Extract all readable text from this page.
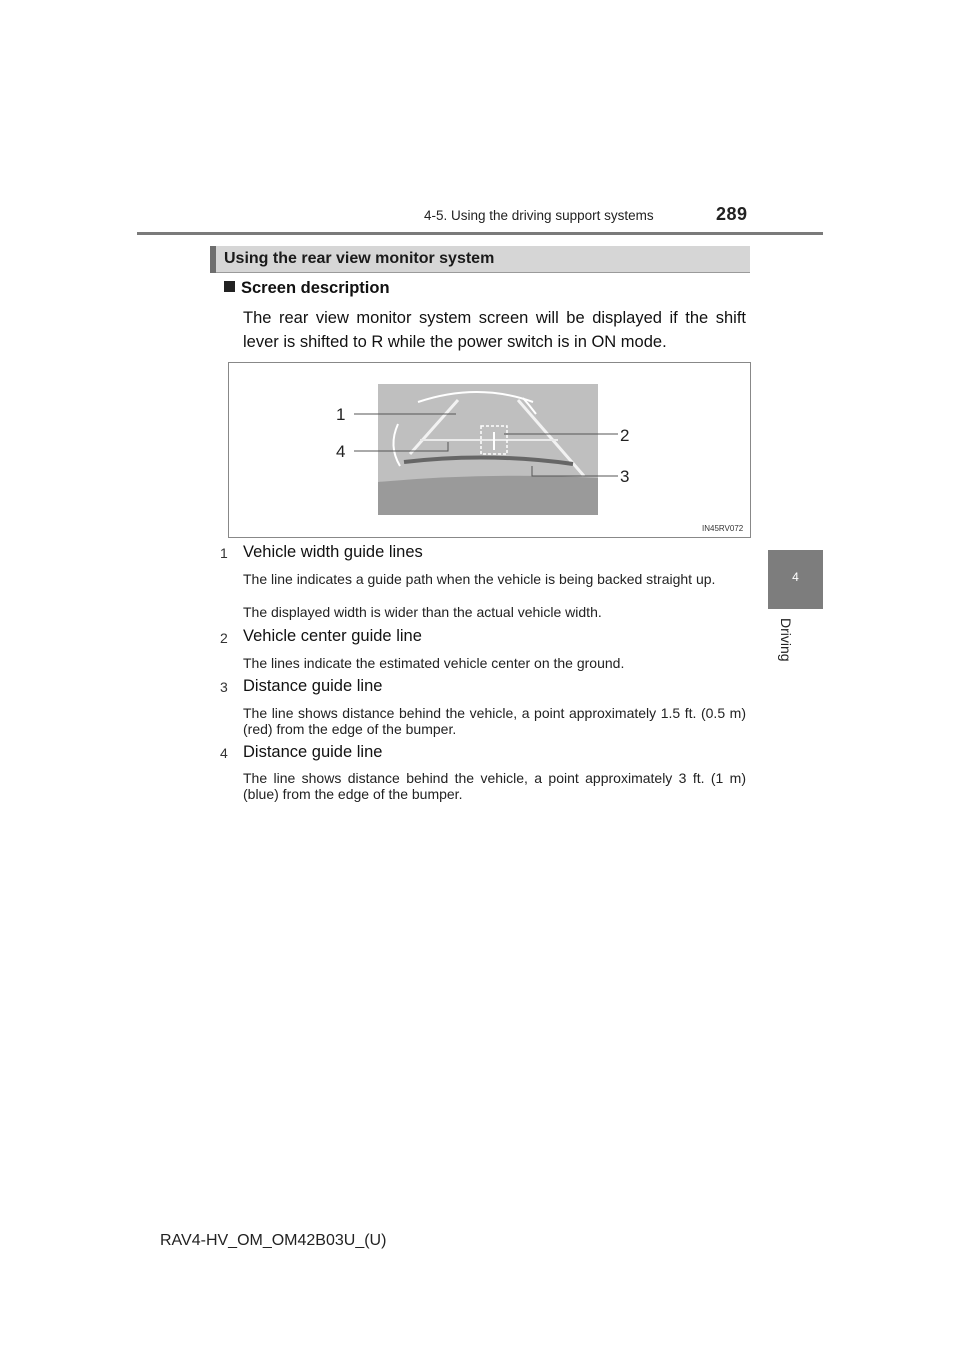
4-5. Using the driving support systems	289
4
Driving
Using the rear view monitor system
Screen description
The rear view monitor system screen will be displayed if the shift lever is shifted to R while the power switch is in ON mode.
1
2
3
4
IN45RV072
1 Vehicle width guide lines
The line indicates a guide path when the vehicle is being backed straight up.
The displayed width is wider than the actual vehicle width.
2 Vehicle center guide line
The lines indicate the estimated vehicle center on the ground.
3 Distance guide line
The line shows distance behind the vehicle, a point approximately 1.5 ft. (0.5 m) (red) from the edge of the bumper.
4 Distance guide line
The line shows distance behind the vehicle, a point approximately 3 ft. (1 m) (blue) from the edge of the bumper.
RAV4-HV_OM_OM42B03U_(U)
